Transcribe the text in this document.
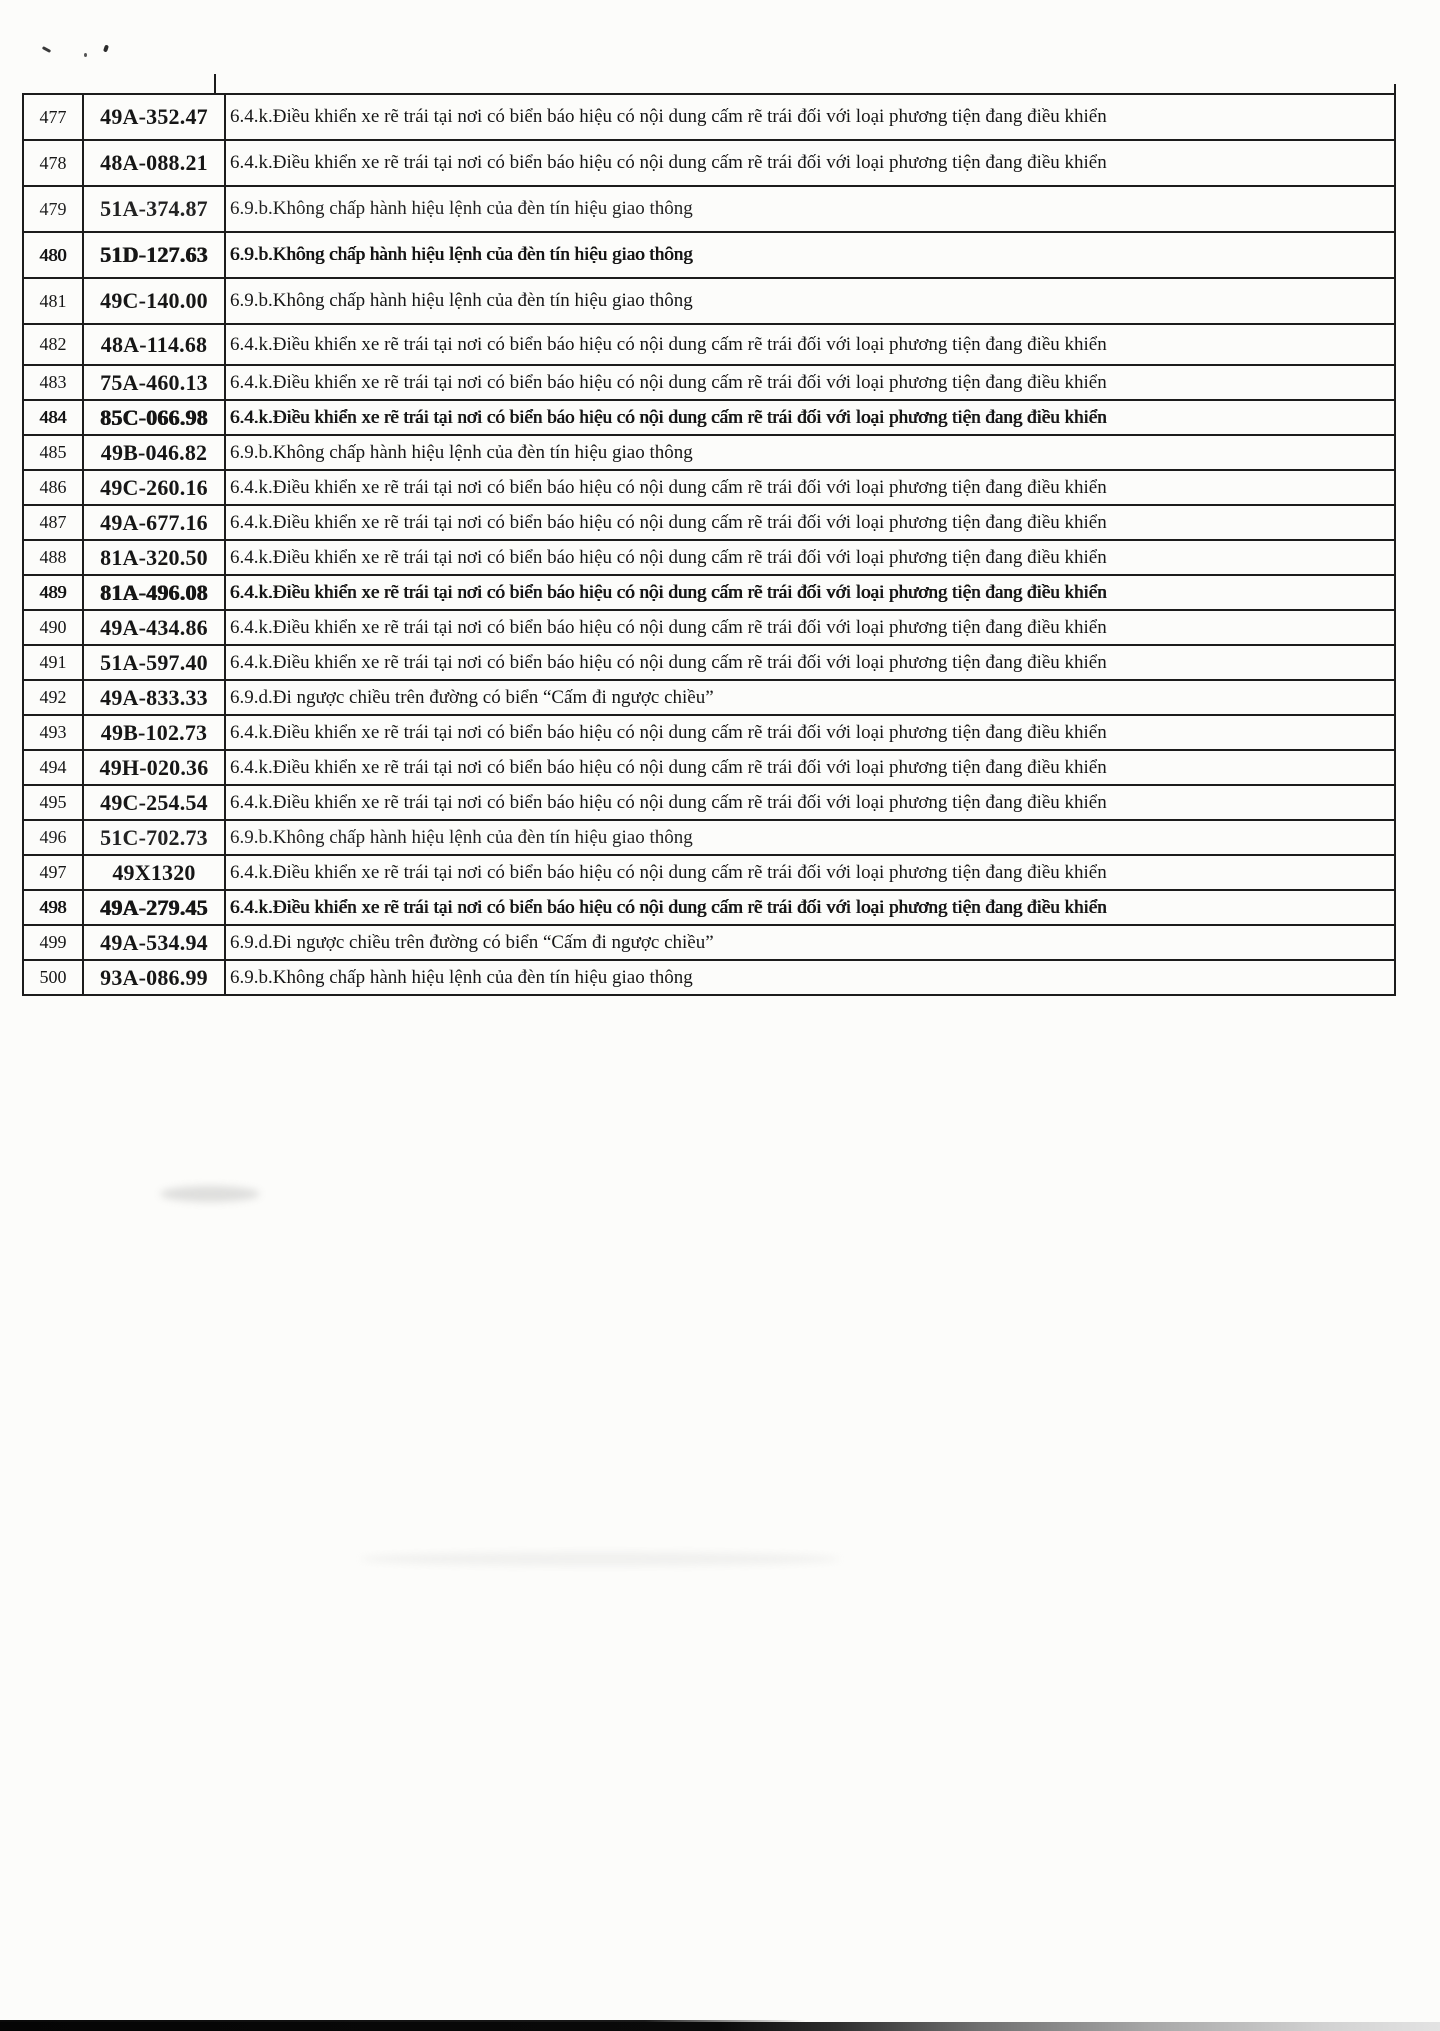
477	49A-352.47	6.4.k.Điều khiển xe rẽ trái tại nơi có biển báo hiệu có nội dung cấm rẽ trái đối với loại phương tiện đang điều khiển
478	48A-088.21	6.4.k.Điều khiển xe rẽ trái tại nơi có biển báo hiệu có nội dung cấm rẽ trái đối với loại phương tiện đang điều khiển
479	51A-374.87	6.9.b.Không chấp hành hiệu lệnh của đèn tín hiệu giao thông
480	51D-127.63	6.9.b.Không chấp hành hiệu lệnh của đèn tín hiệu giao thông
481	49C-140.00	6.9.b.Không chấp hành hiệu lệnh của đèn tín hiệu giao thông
482	48A-114.68	6.4.k.Điều khiển xe rẽ trái tại nơi có biển báo hiệu có nội dung cấm rẽ trái đối với loại phương tiện đang điều khiển
483	75A-460.13	6.4.k.Điều khiển xe rẽ trái tại nơi có biển báo hiệu có nội dung cấm rẽ trái đối với loại phương tiện đang điều khiển
484	85C-066.98	6.4.k.Điều khiển xe rẽ trái tại nơi có biển báo hiệu có nội dung cấm rẽ trái đối với loại phương tiện đang điều khiển
485	49B-046.82	6.9.b.Không chấp hành hiệu lệnh của đèn tín hiệu giao thông
486	49C-260.16	6.4.k.Điều khiển xe rẽ trái tại nơi có biển báo hiệu có nội dung cấm rẽ trái đối với loại phương tiện đang điều khiển
487	49A-677.16	6.4.k.Điều khiển xe rẽ trái tại nơi có biển báo hiệu có nội dung cấm rẽ trái đối với loại phương tiện đang điều khiển
488	81A-320.50	6.4.k.Điều khiển xe rẽ trái tại nơi có biển báo hiệu có nội dung cấm rẽ trái đối với loại phương tiện đang điều khiển
489	81A-496.08	6.4.k.Điều khiển xe rẽ trái tại nơi có biển báo hiệu có nội dung cấm rẽ trái đối với loại phương tiện đang điều khiển
490	49A-434.86	6.4.k.Điều khiển xe rẽ trái tại nơi có biển báo hiệu có nội dung cấm rẽ trái đối với loại phương tiện đang điều khiển
491	51A-597.40	6.4.k.Điều khiển xe rẽ trái tại nơi có biển báo hiệu có nội dung cấm rẽ trái đối với loại phương tiện đang điều khiển
492	49A-833.33	6.9.d.Đi ngược chiều trên đường có biển “Cấm đi ngược chiều”
493	49B-102.73	6.4.k.Điều khiển xe rẽ trái tại nơi có biển báo hiệu có nội dung cấm rẽ trái đối với loại phương tiện đang điều khiển
494	49H-020.36	6.4.k.Điều khiển xe rẽ trái tại nơi có biển báo hiệu có nội dung cấm rẽ trái đối với loại phương tiện đang điều khiển
495	49C-254.54	6.4.k.Điều khiển xe rẽ trái tại nơi có biển báo hiệu có nội dung cấm rẽ trái đối với loại phương tiện đang điều khiển
496	51C-702.73	6.9.b.Không chấp hành hiệu lệnh của đèn tín hiệu giao thông
497	49X1320	6.4.k.Điều khiển xe rẽ trái tại nơi có biển báo hiệu có nội dung cấm rẽ trái đối với loại phương tiện đang điều khiển
498	49A-279.45	6.4.k.Điều khiển xe rẽ trái tại nơi có biển báo hiệu có nội dung cấm rẽ trái đối với loại phương tiện đang điều khiển
499	49A-534.94	6.9.d.Đi ngược chiều trên đường có biển “Cấm đi ngược chiều”
500	93A-086.99	6.9.b.Không chấp hành hiệu lệnh của đèn tín hiệu giao thông
